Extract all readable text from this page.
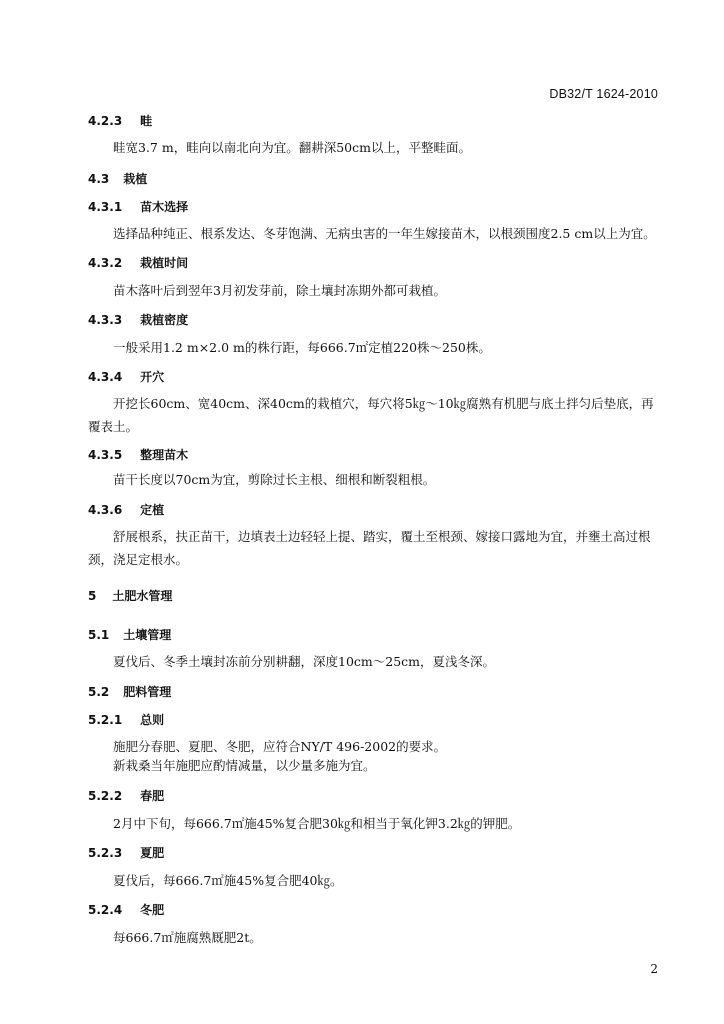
DB32/T 1624-2010
4.2.3 畦
畦宽3.7 m，畦向以南北向为宜。翻耕深50cm以上，平整畦面。
4.3 栽植
4.3.1 苗木选择
选择品种纯正、根系发达、冬芽饱满、无病虫害的一年生嫁接苗木，以根颈围度2.5 cm以上为宜。
4.3.2 栽植时间
苗木落叶后到翌年3月初发芽前，除土壤封冻期外都可栽植。
4.3.3 栽植密度
一般采用1.2 m×2.0 m的株行距，每666.7㎡定植220株～250株。
4.3.4 开穴
开挖长60cm、宽40cm、深40cm的栽植穴，每穴将5㎏～10㎏腐熟有机肥与底土拌匀后垫底，再覆表土。
4.3.5 整理苗木
苗干长度以70cm为宜，剪除过长主根、细根和断裂粗根。
4.3.6 定植
舒展根系，扶正苗干，边填表土边轻轻上提、踏实，覆土至根颈、嫁接口露地为宜，并壅土高过根颈，浇足定根水。
5 土肥水管理
5.1 土壤管理
夏伐后、冬季土壤封冻前分别耕翻，深度10cm～25cm，夏浅冬深。
5.2 肥料管理
5.2.1 总则
施肥分春肥、夏肥、冬肥，应符合NY/T 496-2002的要求。
新栽桑当年施肥应酌情减量，以少量多施为宜。
5.2.2 春肥
2月中下旬，每666.7㎡施45%复合肥30㎏和相当于氧化钾3.2㎏的钾肥。
5.2.3 夏肥
夏伐后，每666.7㎡施45%复合肥40㎏。
5.2.4 冬肥
每666.7㎡施腐熟厩肥2t。
2
